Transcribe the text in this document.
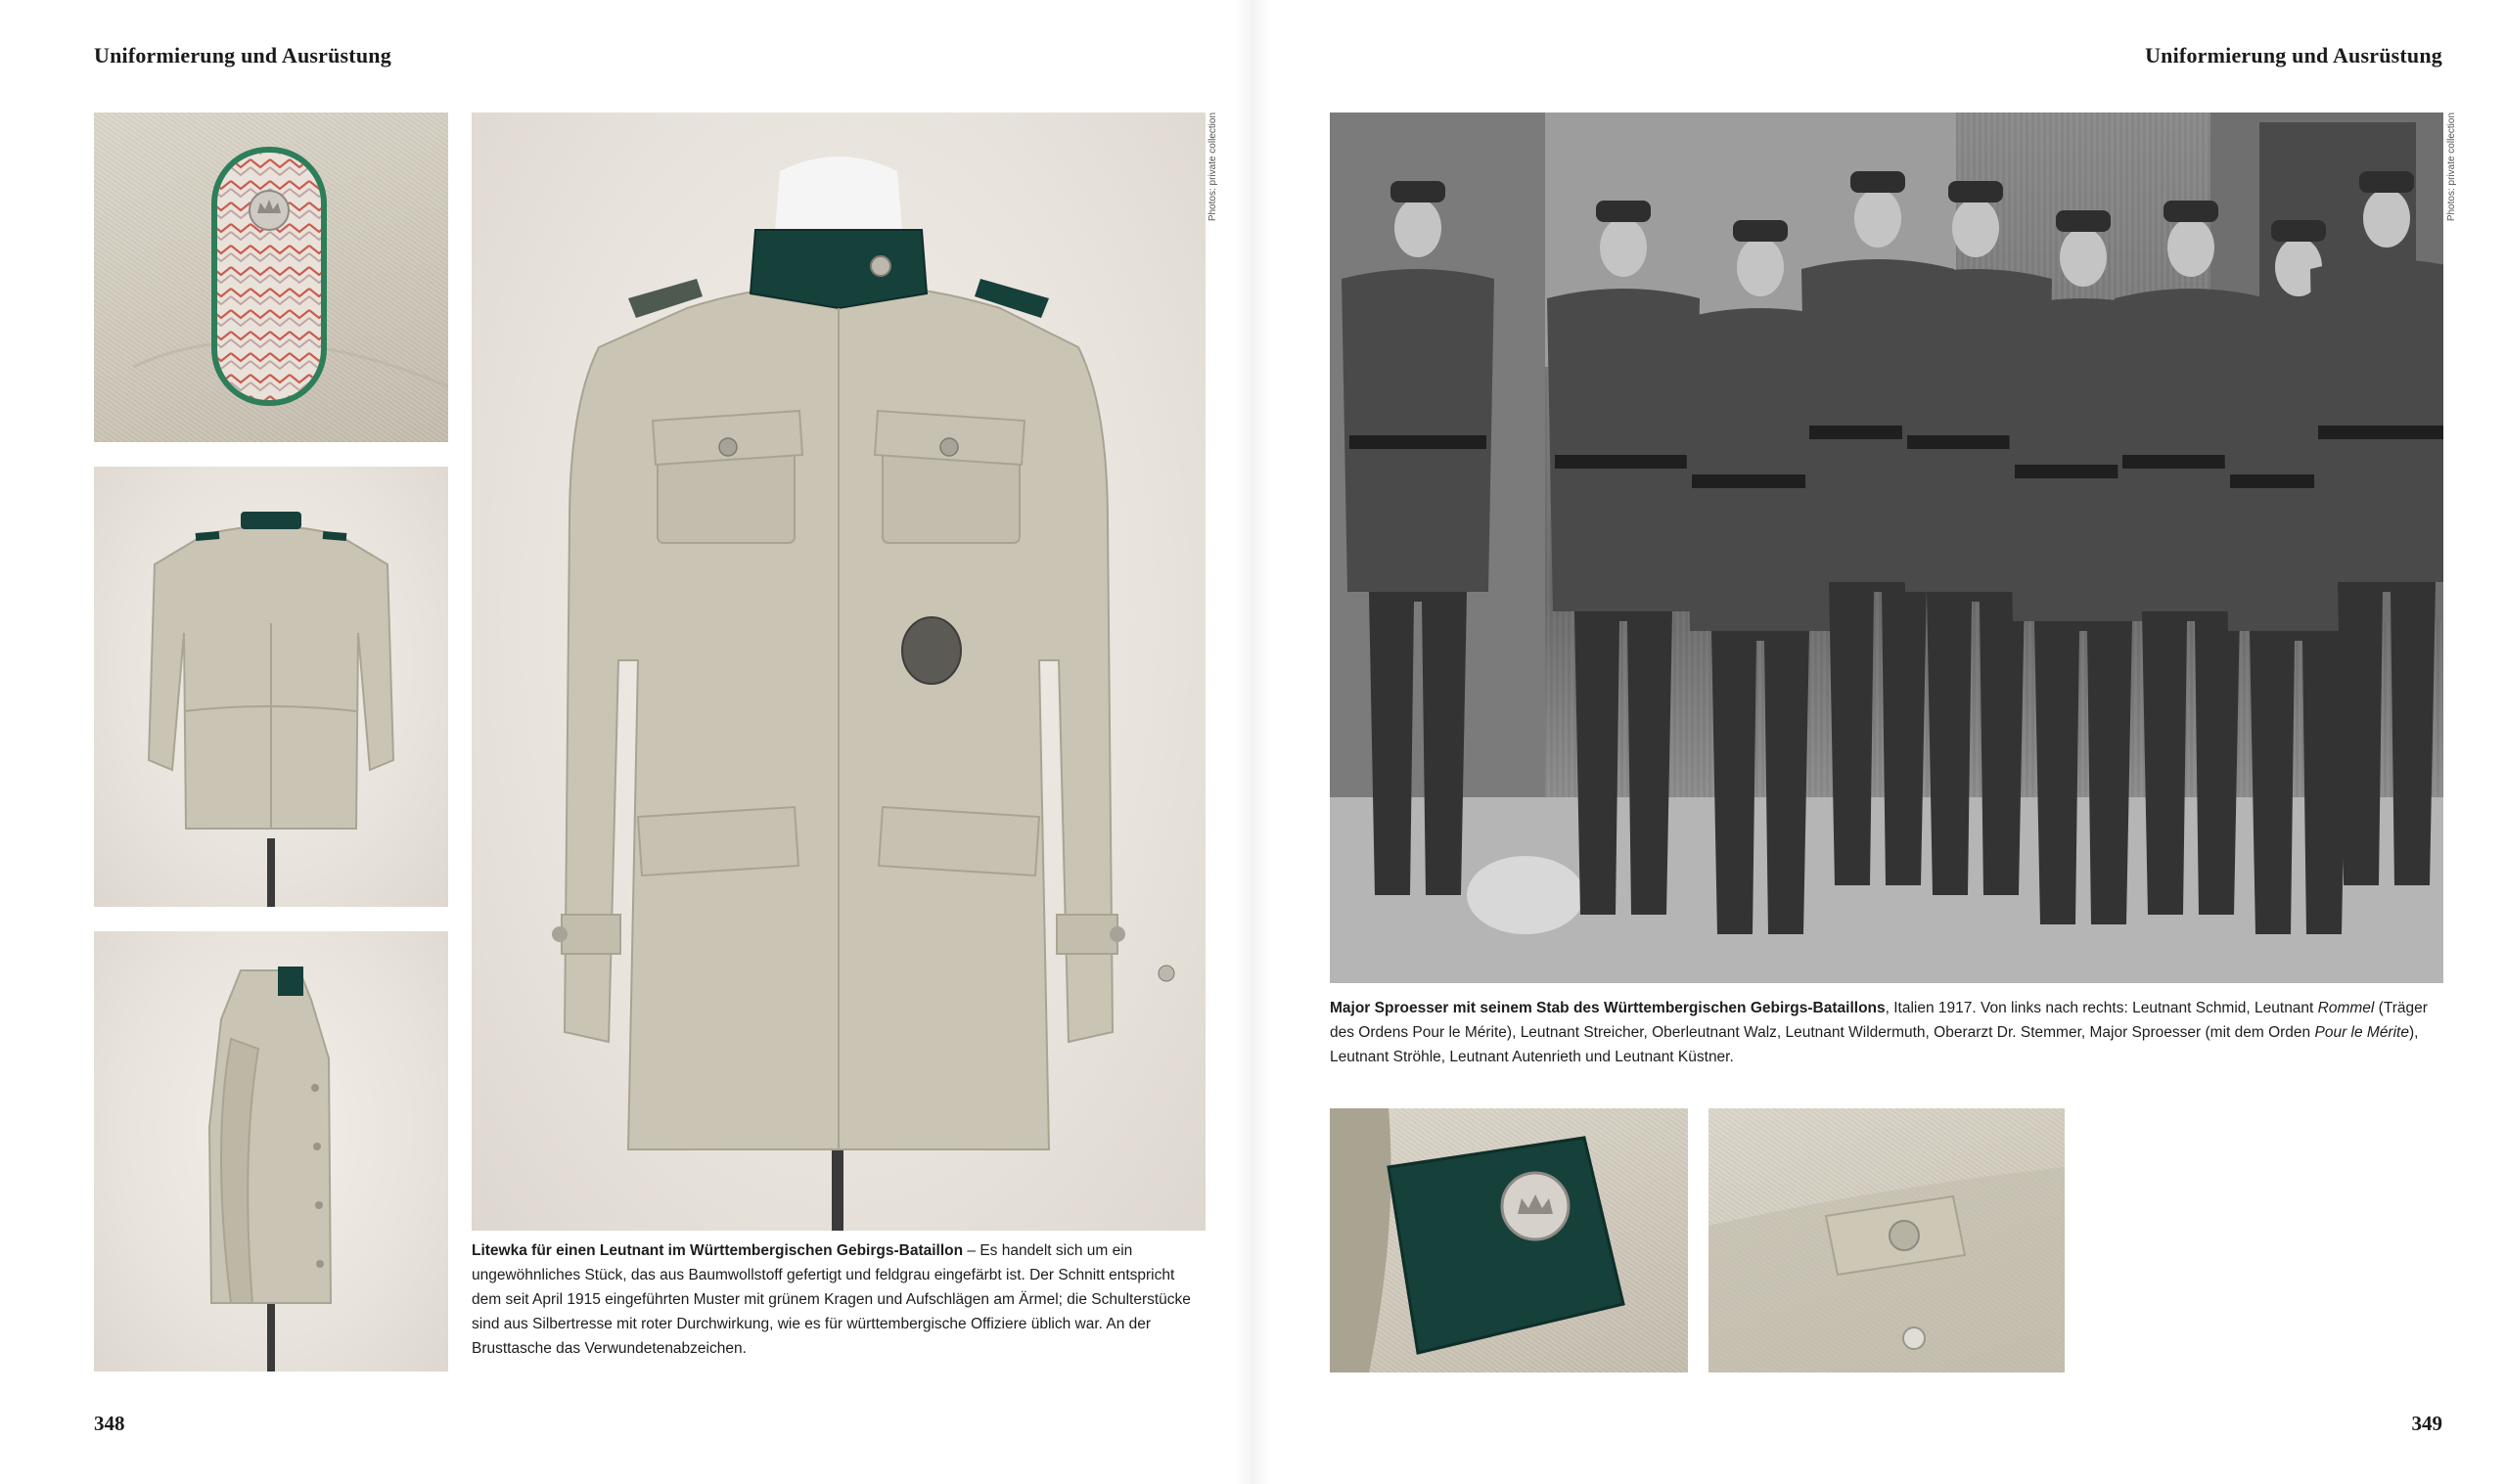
Uniformierung und Ausrüstung
Photos: private collection
Litewka für einen Leutnant im Württembergischen Gebirgs-Bataillon – Es handelt sich um ein ungewöhnliches Stück, das aus Baumwollstoff gefertigt und feldgrau eingefärbt ist. Der Schnitt entspricht dem seit April 1915 eingeführten Muster mit grünem Kragen und Aufschlägen am Ärmel; die Schulterstücke sind aus Silbertresse mit roter Durchwirkung, wie es für württembergische Offiziere üblich war. An der Brusttasche das Verwundetenabzeichen.
348
Uniformierung und Ausrüstung
Photos: private collection
Major Sproesser mit seinem Stab des Württembergischen Gebirgs-Bataillons, Italien 1917. Von links nach rechts: Leutnant Schmid, Leutnant Rommel (Träger des Ordens Pour le Mérite), Leutnant Streicher, Oberleutnant Walz, Leutnant Wildermuth, Oberarzt Dr. Stemmer, Major Sproesser (mit dem Orden Pour le Mérite), Leutnant Ströhle, Leutnant Autenrieth und Leutnant Küstner.
349
